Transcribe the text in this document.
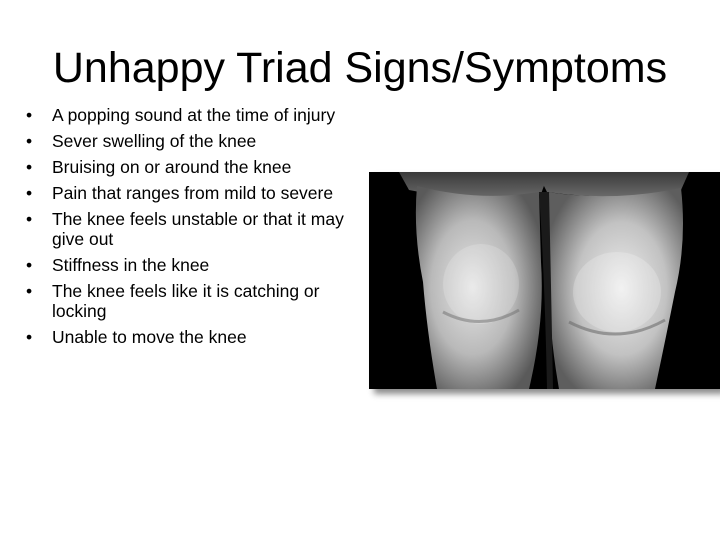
Unhappy Triad Signs/Symptoms
• A popping sound at the time of injury
• Sever swelling of the knee
• Bruising on or around the knee
• Pain that ranges from mild to severe
• The knee feels unstable or that it may give out
• Stiffness in the knee
• The knee feels like it is catching or locking
• Unable to move the knee
